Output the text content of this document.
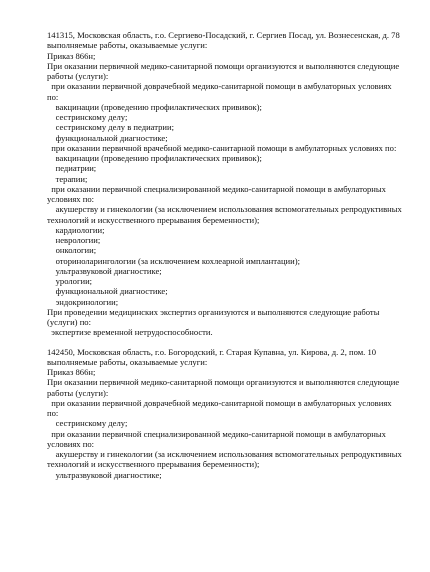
141315, Московская область, г.о. Сергиево-Посадский, г. Сергиев Посад, ул. Вознесенская, д. 78
выполняемые работы, оказываемые услуги:
Приказ 866н;
При оказании первичной медико-санитарной помощи организуются и выполняются следующие
работы (услуги):
при оказании первичной доврачебной медико-санитарной помощи в амбулаторных условиях
по:
вакцинации (проведению профилактических прививок);
сестринскому делу;
сестринскому делу в педиатрии;
функциональной диагностике;
при оказании первичной врачебной медико-санитарной помощи в амбулаторных условиях по:
вакцинации (проведению профилактических прививок);
педиатрии;
терапии;
при оказании первичной специализированной медико-санитарной помощи в амбулаторных
условиях по:
акушерству и гинекологии (за исключением использования вспомогательных репродуктивных
технологий и искусственного прерывания беременности);
кардиологии;
неврологии;
онкологии;
оториноларингологии (за исключением кохлеарной имплантации);
ультразвуковой диагностике;
урологии;
функциональной диагностике;
эндокринологии;
При проведении медицинских экспертиз организуются и выполняются следующие работы
(услуги) по:
экспертизе временной нетрудоспособности.
142450, Московская область, г.о. Богородский, г. Старая Купавна, ул. Кирова, д. 2, пом. 10
выполняемые работы, оказываемые услуги:
Приказ 866н;
При оказании первичной медико-санитарной помощи организуются и выполняются следующие
работы (услуги):
при оказании первичной доврачебной медико-санитарной помощи в амбулаторных условиях
по:
сестринскому делу;
при оказании первичной специализированной медико-санитарной помощи в амбулаторных
условиях по:
акушерству и гинекологии (за исключением использования вспомогательных репродуктивных
технологий и искусственного прерывания беременности);
ультразвуковой диагностике;
